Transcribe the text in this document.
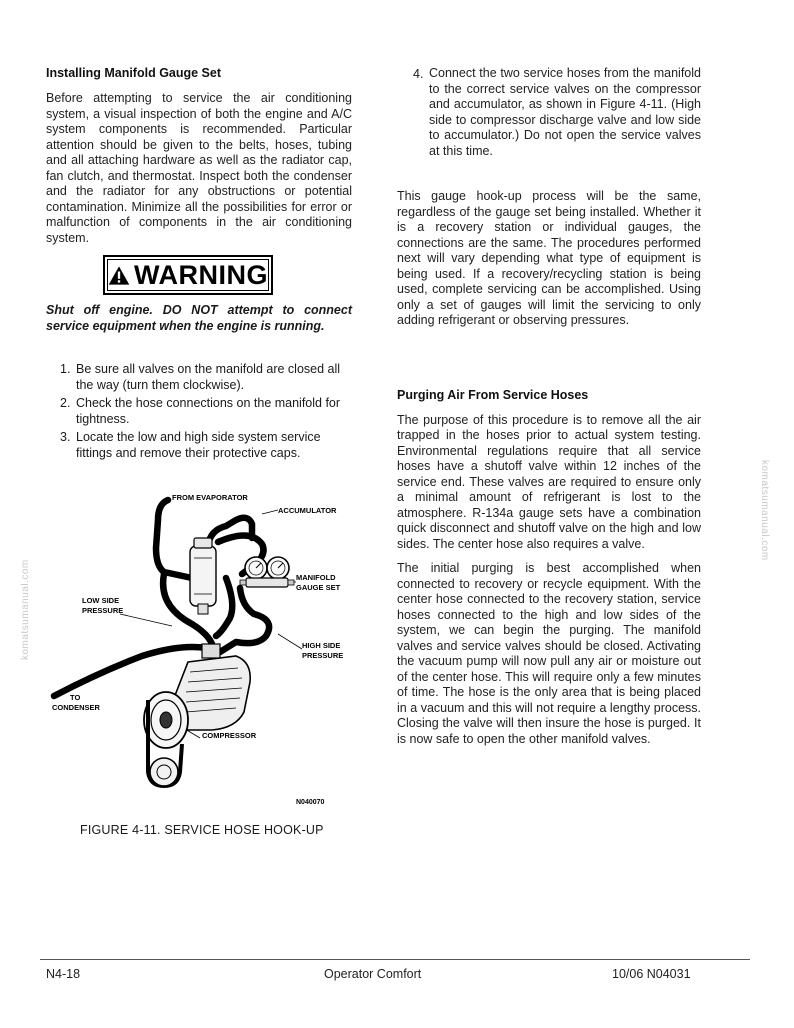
Installing Manifold Gauge Set
Before attempting to service the air conditioning system, a visual inspection of both the engine and A/C system components is recommended. Particular attention should be given to the belts, hoses, tubing and all attaching hardware as well as the radiator cap, fan clutch, and thermostat. Inspect both the condenser and the radiator for any obstructions or potential contamination. Minimize all the possibilities for error or malfunction of components in the air conditioning system.
WARNING
Shut off engine. DO NOT attempt to connect service equipment when the engine is running.
1. Be sure all valves on the manifold are closed all the way (turn them clockwise).
2. Check the hose connections on the manifold for tightness.
3. Locate the low and high side system service fittings and remove their protective caps.
FROM EVAPORATOR
ACCUMULATOR
MANIFOLD
GAUGE SET
LOW SIDE
PRESSURE
HIGH SIDE
PRESSURE
TO
CONDENSER
COMPRESSOR
N040070
FIGURE 4-11. SERVICE HOSE HOOK-UP
4. Connect the two service hoses from the manifold to the correct service valves on the compressor and accumulator, as shown in Figure 4-11. (High side to compressor discharge valve and low side to accumulator.) Do not open the service valves at this time.
This gauge hook-up process will be the same, regardless of the gauge set being installed. Whether it is a recovery station or individual gauges, the connections are the same. The procedures performed next will vary depending what type of equipment is being used. If a recovery/recycling station is being used, complete servicing can be accomplished. Using only a set of gauges will limit the servicing to only adding refrigerant or observing pressures.
Purging Air From Service Hoses
The purpose of this procedure is to remove all the air trapped in the hoses prior to actual system testing. Environmental regulations require that all service hoses have a shutoff valve within 12 inches of the service end. These valves are required to ensure only a minimal amount of refrigerant is lost to the atmosphere. R-134a gauge sets have a combination quick disconnect and shutoff valve on the high and low sides. The center hose also requires a valve.
The initial purging is best accomplished when connected to recovery or recycle equipment. With the center hose connected to the recovery station, service hoses connected to the high and low sides of the system, we can begin the purging. The manifold valves and service valves should be closed. Activating the vacuum pump will now pull any air or moisture out of the center hose. This will require only a few minutes of time. The hose is the only area that is being placed in a vacuum and this will not require a lengthy process. Closing the valve will then insure the hose is purged. It is now safe to open the other manifold valves.
komatsumanual.com
komatsumanual.com
N4-18	Operator Comfort	10/06 N04031
